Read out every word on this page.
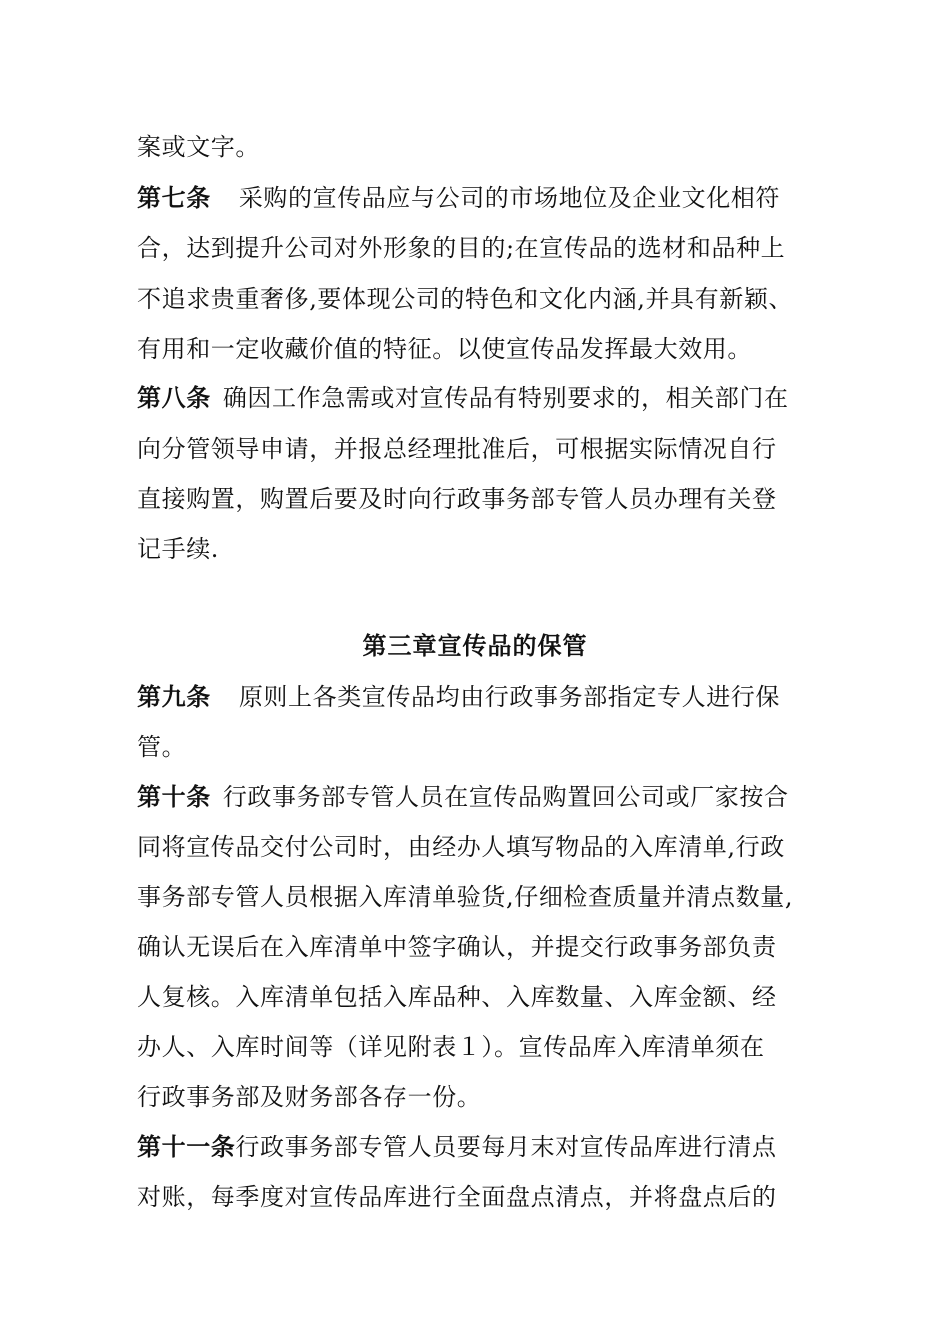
案或文字。
第七条 采购的宣传品应与公司的市场地位及企业文化相符
合，达到提升公司对外形象的目的;在宣传品的选材和品种上
不追求贵重奢侈,要体现公司的特色和文化内涵,并具有新颖、
有用和一定收藏价值的特征。以使宣传品发挥最大效用。
第八条 确因工作急需或对宣传品有特别要求的，相关部门在
向分管领导申请，并报总经理批准后，可根据实际情况自行
直接购置，购置后要及时向行政事务部专管人员办理有关登
记手续.
第三章宣传品的保管
第九条 原则上各类宣传品均由行政事务部指定专人进行保
管。
第十条 行政事务部专管人员在宣传品购置回公司或厂家按合
同将宣传品交付公司时，由经办人填写物品的入库清单,行政
事务部专管人员根据入库清单验货,仔细检查质量并清点数量,
确认无误后在入库清单中签字确认，并提交行政事务部负责
人复核。入库清单包括入库品种、入库数量、入库金额、经
办人、入库时间等（详见附表１）。宣传品库入库清单须在
行政事务部及财务部各存一份。
第十一条行政事务部专管人员要每月末对宣传品库进行清点
对账，每季度对宣传品库进行全面盘点清点，并将盘点后的
